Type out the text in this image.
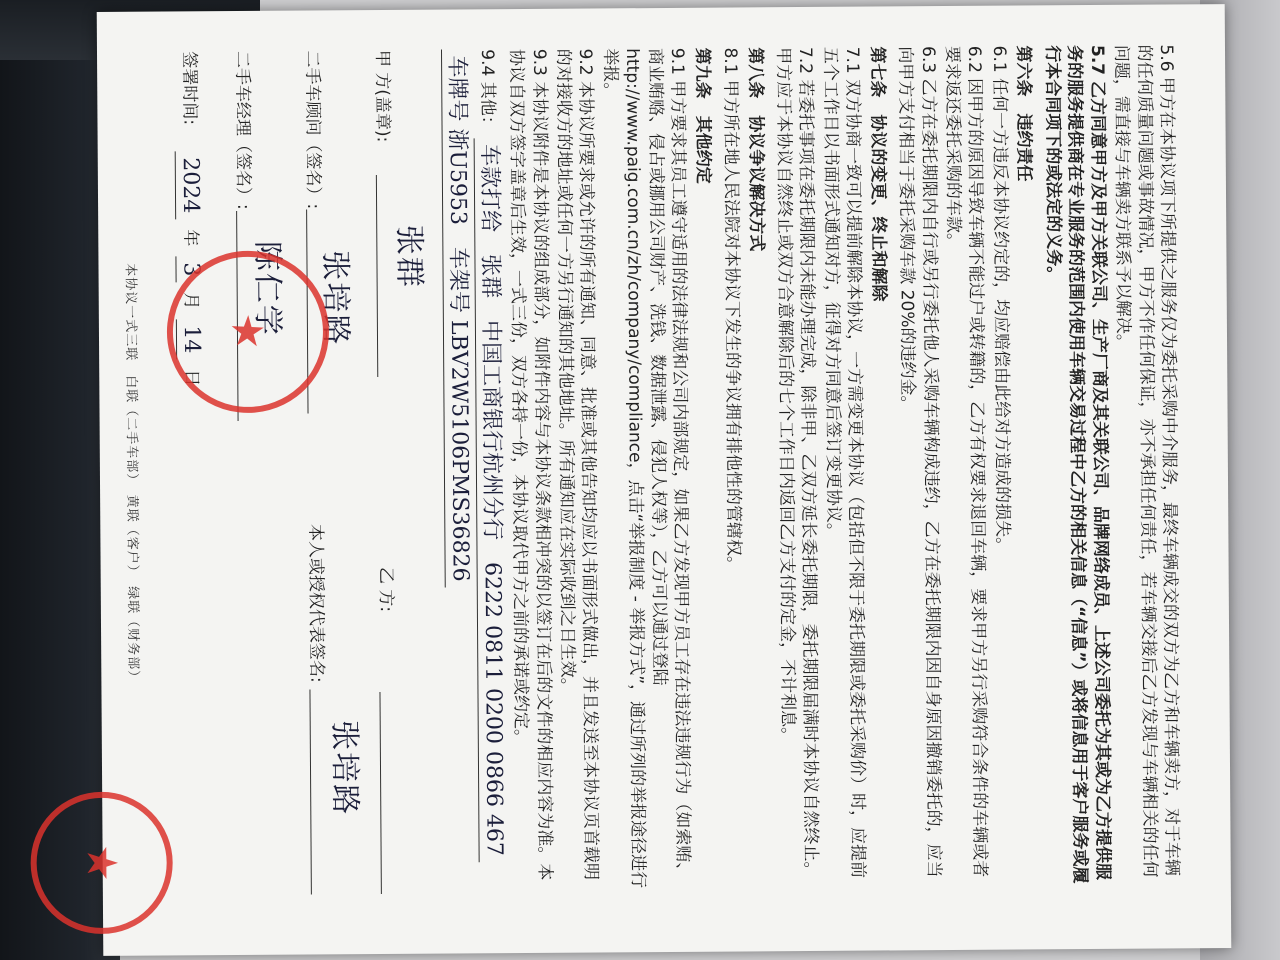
5.6 甲方在本协议项下所提供之服务仅为委托采购中介服务，最终车辆成交的双方为乙方和车辆卖方，对于车辆的任何质量问题或事故情况，甲方不作任何保证，亦不承担任何责任，若车辆交接后乙方发现与车辆相关的任何问题，需直接与车辆卖方联系予以解决。

5.7 乙方同意甲方及甲方关联公司、生产厂商及其关联公司、品牌网络成员、上述公司委托为其或为乙方提供服务的服务提供商在专业服务的范围内使用车辆交易过程中乙方的相关信息（“信息”）或将信息用于客户服务或履行本合同项下的或法定的义务。

第六条　违约责任

6.1 任何一方违反本协议约定的，均应赔偿由此给对方造成的损失。

6.2 因甲方的原因导致车辆不能过户或转籍的，乙方有权要求退回车辆，要求甲方另行采购符合条件的车辆或者要求返还委托采购的车款。

6.3 乙方在委托期限内自行或另行委托他人采购车辆构成违约，乙方在委托期限内因自身原因撤销委托的，应当向甲方支付相当于委托采购车款 20%的违约金。

第七条　协议的变更、终止和解除

7.1 双方协商一致可以提前解除本协议，一方需变更本协议（包括但不限于委托期限或委托采购价）时，应提前五个工作日以书面形式通知对方，征得对方同意后签订变更协议。

7.2 若委托事项在委托期限内未能办理完成，除非甲、乙双方延长委托期限，委托期限届满时本协议自然终止。甲方应于本协议自然终止或双方合意解除后的七个工作日内返回乙方支付的定金，不计利息。

第八条　协议争议解决方式

8.1 甲方所在地人民法院对本协议下发生的争议拥有排他性的管辖权。

第九条　其他约定

9.1 甲方要求其员工遵守适用的法律法规和公司内部规定，如果乙方发现甲方员工存在违法违规行为（如索贿、商业贿赂、侵占或挪用公司财产、洗钱、数据泄露、侵犯人权等），乙方可以通过登陆 http://www.paig.com.cn/zh/company/compliance，点击“举报制度 - 举报方式”，通过所列的举报途径进行举报。

9.2 本协议所要求或允许的所有通知、同意、批准或其他告知均应以书面形式做出，并且发送至本协议页首载明的对接收方的地址或任何一方另行通知的其他地址。所有通知应在实际收到之日生效。

9.3 本协议附件是本协议的组成部分，如附件内容与本协议条款相冲突的以签订在后的文件的相应内容为准。本协议自双方签字盖章后生效，一式三份，双方各持一份，本协议取代甲方之前的承诺或约定。

9.4 其他： 车款打给　张群　中国工商银行杭州分行　6222 0811 0200 0866 467

车牌号 浙U5953　车架号 LBV2W5106PMS36826

甲 方(盖章):
张群
乙 方:
二手车顾问（签名）:
张培路
本人或授权代表签名:
张培路
二手车经理（签名）:
陈仁学
签署时间:
2024
年
3
月
14
日
本协议一式三联　白联（二手车部）　黄联（客户）　绿联（财务部） ★
★
